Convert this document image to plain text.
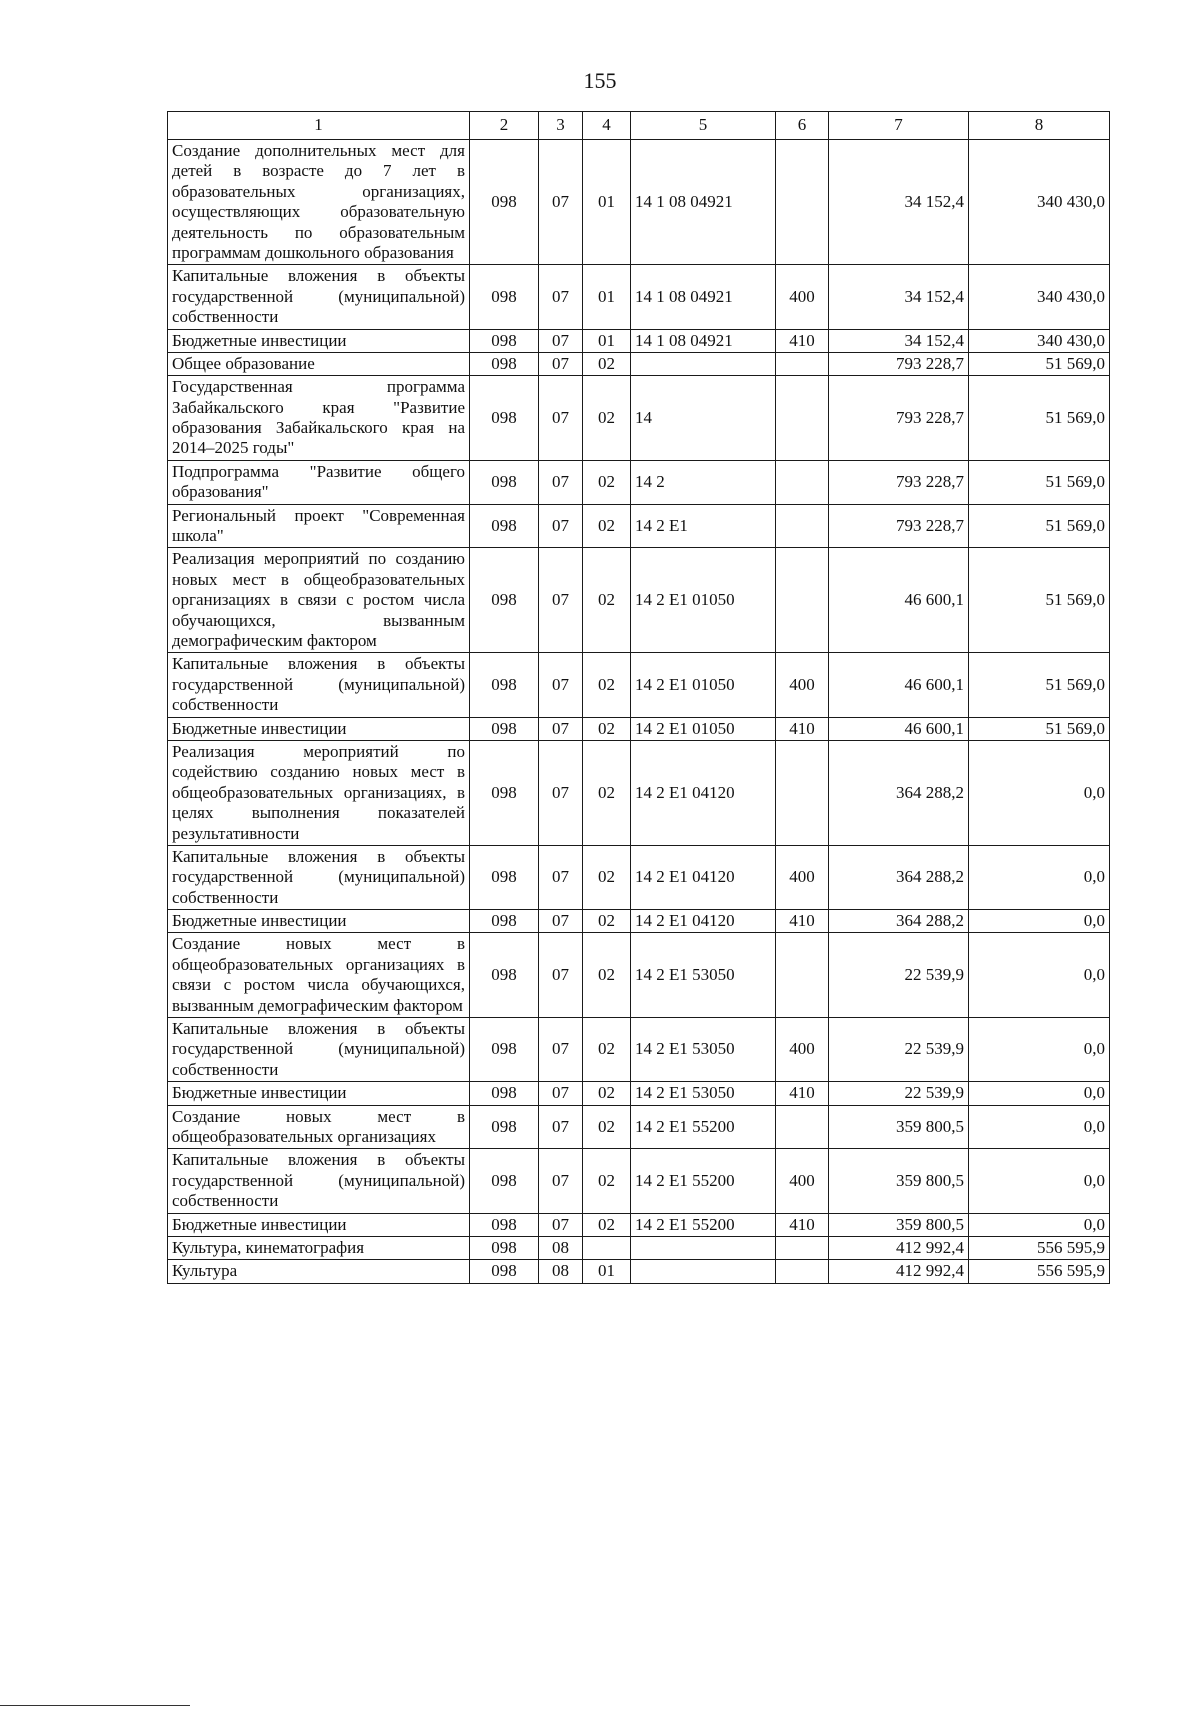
155
1	2	3	4	5	6	7	8
Создание дополнительных мест для детей в возрасте до 7 лет в образовательных организациях, осуществляющих образовательную деятельность по образовательным программам дошкольного образования	098	07	01	14 1 08 04921		34 152,4	340 430,0
Капитальные вложения в объекты государственной (муниципальной) собственности	098	07	01	14 1 08 04921	400	34 152,4	340 430,0
Бюджетные инвестиции	098	07	01	14 1 08 04921	410	34 152,4	340 430,0
Общее образование	098	07	02			793 228,7	51 569,0
Государственная программа Забайкальского края "Развитие образования Забайкальского края на 2014–2025 годы"	098	07	02	14		793 228,7	51 569,0
Подпрограмма "Развитие общего образования"	098	07	02	14 2		793 228,7	51 569,0
Региональный проект "Современная школа"	098	07	02	14 2 E1		793 228,7	51 569,0
Реализация мероприятий по созданию новых мест в общеобразовательных организациях в связи с ростом числа обучающихся, вызванным демографическим фактором	098	07	02	14 2 E1 01050		46 600,1	51 569,0
Капитальные вложения в объекты государственной (муниципальной) собственности	098	07	02	14 2 E1 01050	400	46 600,1	51 569,0
Бюджетные инвестиции	098	07	02	14 2 E1 01050	410	46 600,1	51 569,0
Реализация мероприятий по содействию созданию новых мест в общеобразовательных организациях, в целях выполнения показателей результативности	098	07	02	14 2 E1 04120		364 288,2	0,0
Капитальные вложения в объекты государственной (муниципальной) собственности	098	07	02	14 2 E1 04120	400	364 288,2	0,0
Бюджетные инвестиции	098	07	02	14 2 E1 04120	410	364 288,2	0,0
Создание новых мест в общеобразовательных организациях в связи с ростом числа обучающихся, вызванным демографическим фактором	098	07	02	14 2 E1 53050		22 539,9	0,0
Капитальные вложения в объекты государственной (муниципальной) собственности	098	07	02	14 2 E1 53050	400	22 539,9	0,0
Бюджетные инвестиции	098	07	02	14 2 E1 53050	410	22 539,9	0,0
Создание новых мест в общеобразовательных организациях	098	07	02	14 2 E1 55200		359 800,5	0,0
Капитальные вложения в объекты государственной (муниципальной) собственности	098	07	02	14 2 E1 55200	400	359 800,5	0,0
Бюджетные инвестиции	098	07	02	14 2 E1 55200	410	359 800,5	0,0
Культура, кинематография	098	08				412 992,4	556 595,9
Культура	098	08	01			412 992,4	556 595,9
